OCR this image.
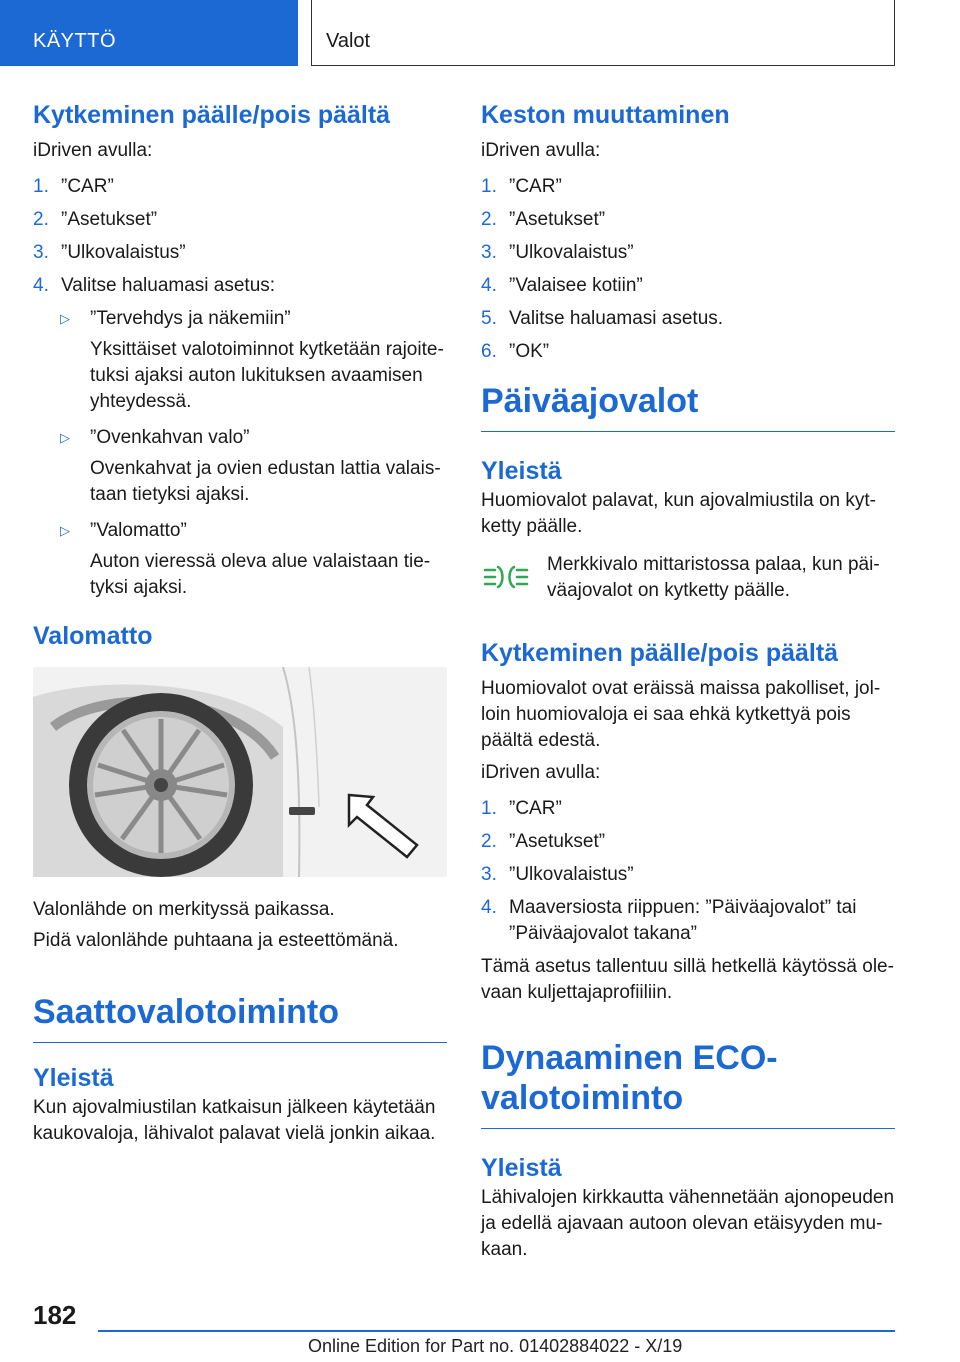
KÄYTTÖ	Valot
Kytkeminen päälle/pois päältä

iDriven avulla:

1. ”CAR”
2. ”Asetukset”
3. ”Ulkovalaistus”
4. Valitse haluamasi asetus:
▷	”Tervehdys ja näkemiin”
Yksittäiset valotoiminnot kytketään rajoitetuksi ajaksi auton lukituksen avaamisen yhteydessä.
▷	”Ovenkahvan valo”
Ovenkahvat ja ovien edustan lattia valaistaan tietyksi ajaksi.
▷	”Valomatto”
Auton vieressä oleva alue valaistaan tietyksi ajaksi.
Valomatto

Valonlähde on merkityssä paikassa.

Pidä valonlähde puhtaana ja esteettömänä.

Saattovalotoiminto
Yleistä

Kun ajovalmiustilan katkaisun jälkeen käytetään kaukovaloja, lähivalot palavat vielä jonkin aikaa.

Keston muuttaminen

iDriven avulla:

1. ”CAR”
2. ”Asetukset”
3. ”Ulkovalaistus”
4. ”Valaisee kotiin”
5. Valitse haluamasi asetus.
6. ”OK”
Päiväajovalot
Yleistä

Huomiovalot palavat, kun ajovalmiustila on kytketty päälle.

Merkkivalo mittaristossa palaa, kun päiväajovalot on kytketty päälle.
Kytkeminen päälle/pois päältä

Huomiovalot ovat eräissä maissa pakolliset, jolloin huomiovaloja ei saa ehkä kytkettyä pois päältä edestä.

iDriven avulla:

1. ”CAR”
2. ”Asetukset”
3. ”Ulkovalaistus”
4. Maaversiosta riippuen: ”Päiväajovalot” tai ”Päiväajovalot takana”

Tämä asetus tallentuu sillä hetkellä käytössä olevaan kuljettajaprofiiliin.

Dynaaminen ECO-valotoiminto
Yleistä

Lähivalojen kirkkautta vähennetään ajonopeuden ja edellä ajavaan autoon olevan etäisyyden mukaan.

182
Online Edition for Part no. 01402884022 - X/19
